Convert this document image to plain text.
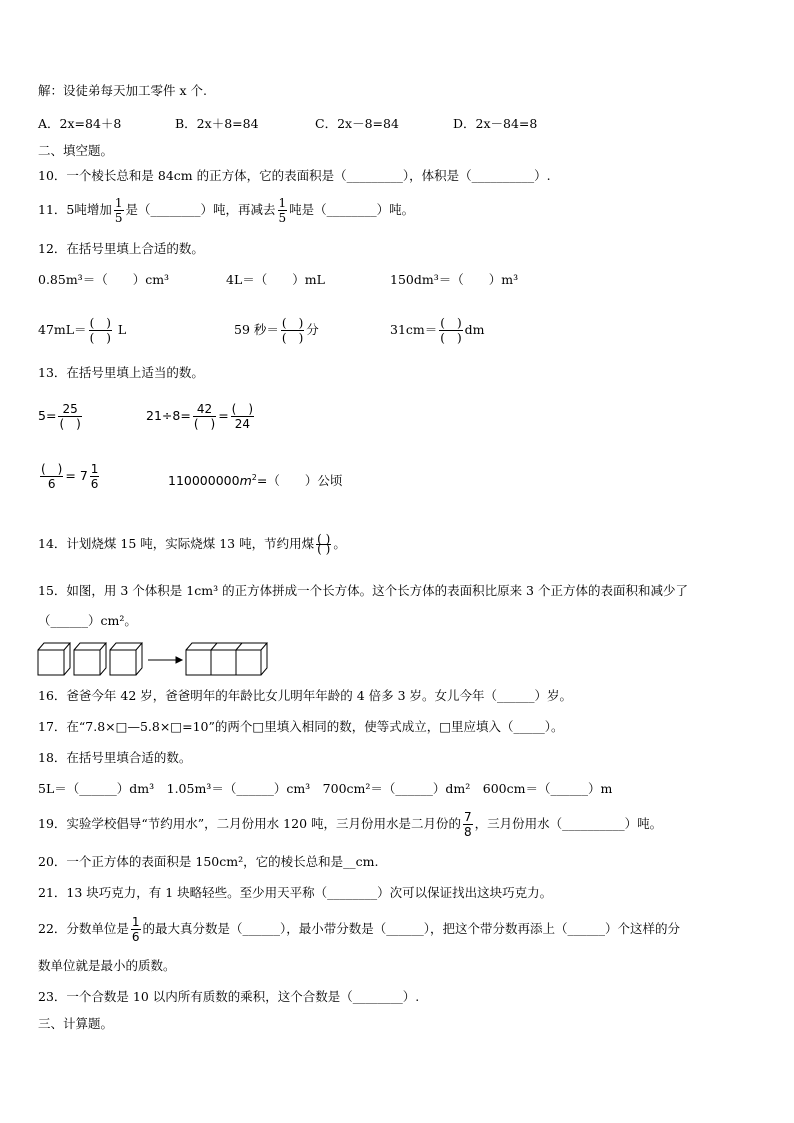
解：设徒弟每天加工零件 x 个.
A．2x=84＋8	B．2x＋8=84	C．2x－8=84	D．2x－84=8
二、填空题。
10．一个棱长总和是 84cm 的正方体，它的表面积是（_________），体积是（__________）.
11．5吨增加 $\frac{1}{5}$ 是（________）吨，再减去 $\frac{1}{5}$ 吨是（________）吨。
12．在括号里填上合适的数。
0.85m³＝（　　）cm³	4L＝（　　）mL	150dm³＝（　　）m³
$47mL= \frac{( )}{( )}$ L	59 秒＝ $\frac{( )}{( )}$ 分	$31cm= \frac{( )}{( )}$ dm
13．在括号里填上适当的数。
$5= \frac{25}{( )}$	$21\div 8= \frac{42}{( )} = \frac{( )}{24}$
$\frac{( )}{6} = 7 \frac{1}{6}$	$110000000m^2=$（　　）公顷
14．计划烧煤 15 吨，实际烧煤 13 吨，节约用煤 $\frac{( )}{( )}$ 。
15．如图，用 3 个体积是 1cm³ 的正方体拼成一个长方体。这个长方体的表面积比原来 3 个正方体的表面积和减少了
（______）cm²。
16．爸爸今年 42 岁，爸爸明年的年龄比女儿明年年龄的 4 倍多 3 岁。女儿今年（______）岁。
17．在“7.8×□—5.8×□=10”的两个□里填入相同的数，使等式成立，□里应填入（_____）。
18．在括号里填合适的数。
5L＝（______）dm³　1.05m³＝（______）cm³　700cm²＝（______）dm²　600cm＝（______）m
19．实验学校倡导“节约用水”，二月份用水 120 吨，三月份用水是二月份的 $\frac{7}{8}$ ，三月份用水（__________）吨。
20．一个正方体的表面积是 150cm²，它的棱长总和是__cm.
21．13 块巧克力，有 1 块略轻些。至少用天平称（________）次可以保证找出这块巧克力。
22．分数单位是 $\frac{1}{6}$ 的最大真分数是（______），最小带分数是（______），把这个带分数再添上（______）个这样的分
数单位就是最小的质数。
23．一个合数是 10 以内所有质数的乘积，这个合数是（________）.
三、计算题。
